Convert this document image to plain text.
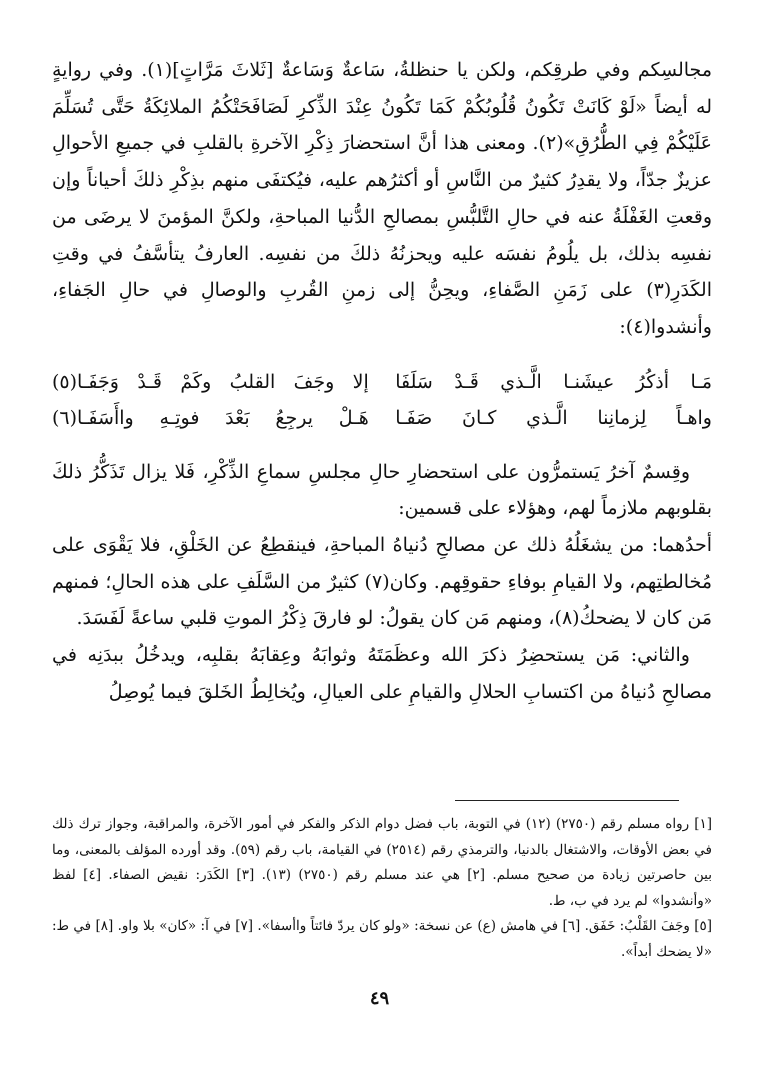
مجالسِكم وفي طرقِكم، ولكن يا حنظلةُ، سَاعةٌ وَسَاعةٌ [ثَلاثَ مَرَّاتٍ](١). وفي روايةٍ له أيضاً «لَوْ كَانَتْ تَكُونُ قُلُوبُكُمْ كَمَا تَكُونُ عِنْدَ الذِّكرِ لَصَافَحَتْكُمُ الملائِكَةُ حَتَّى تُسَلِّمَ عَلَيْكُمْ فِي الطُّرُقِ»(٢). ومعنى هذا أنَّ استحضارَ ذِكْرِ الآخرةِ بالقلبِ في جميعِ الأحوالِ عزيزٌ جدّاً، ولا يقدِرُ كثيرٌ من النَّاسِ أو أكثرُهم عليه، فيُكتفَى منهم بذِكْرِ ذلكَ أحياناً وإن وقعتِ الغَفْلَةُ عنه في حالِ التَّلبُّسِ بمصالحِ الدُّنيا المباحةِ، ولكنَّ المؤمنَ لا يرضَى من نفسِه بذلك، بل يلُومُ نفسَه عليه ويحزنُهُ ذلكَ من نفسِه. العارفُ يتأسَّفُ في وقتِ الكَدَرِ(٣) على زَمَنِ الصَّفاءِ، ويحِنُّ إلى زمنِ القُربِ والوصالِ في حالِ الجَفاءِ، وأنشدوا(٤):

مَـا أذكُرُ عيشَنـا الَّـذي قَـدْ سَلَفَا
إلا وجَفَ القلبُ وكَمْ قَـدْ وَجَفَـا(٥)
واهـاً لِزمانِنا الَّـذي كـانَ صَفَـا
هَـلْ يرجِعُ بَعْدَ فوتِـهِ واأَسَفَـا(٦)

وقِسمٌ آخرُ يَستمرُّون على استحضارِ حالِ مجلسِ سماعِ الذِّكْرِ، فَلا يزال تَذَكُّرُ ذلكَ بقلوبهم ملازماً لهم، وهؤلاء على قسمين:

أحدُهما: من يشغَلُهُ ذلك عن مصالحِ دُنياهُ المباحةِ، فينقطِعُ عن الخَلْقِ، فلا يَقْوَى على مُخالطتِهم، ولا القيامِ بوفاءِ حقوقِهم. وكان(٧) كثيرٌ من السَّلَفِ على هذه الحالِ؛ فمنهم مَن كان لا يضحكُ(٨)، ومنهم مَن كان يقولُ: لو فارقَ ذِكْرُ الموتِ قلبي ساعةً لَفَسَدَ.

والثاني: مَن يستحضِرُ ذكرَ الله وعظَمَتَهُ وثوابَهُ وعِقابَهُ بقلبِه، ويدخُلُ ببدَنِه في مصالحِ دُنياهُ من اكتسابِ الحلالِ والقيامِ على العيالِ، ويُخالِطُ الخَلقَ فيما يُوصِلُ

[١] رواه مسلم رقم (٢٧٥٠) (١٢) في التوبة، باب فضل دوام الذكر والفكر في أمور الآخرة، والمراقبة، وجواز ترك ذلك في بعض الأوقات، والاشتغال بالدنيا، والترمذي رقم (٢٥١٤) في القيامة، باب رقم (٥٩). وقد أورده المؤلف بالمعنى، وما بين حاصرتين زيادة من صحيح مسلم. [٢] هي عند مسلم رقم (٢٧٥٠) (١٣). [٣] الكَدَر: نقيض الصفاء. [٤] لفظ «وأنشدوا» لم يرد في ب، ط.

[٥] وجَفَ القَلْبُ: خَفَق. [٦] في هامش (ع) عن نسخة: «ولو كان يردّ فائتاً واأسفا». [٧] في آ: «كان» بلا واو. [٨] في ط: «لا يضحك أبداً».

٤٩
